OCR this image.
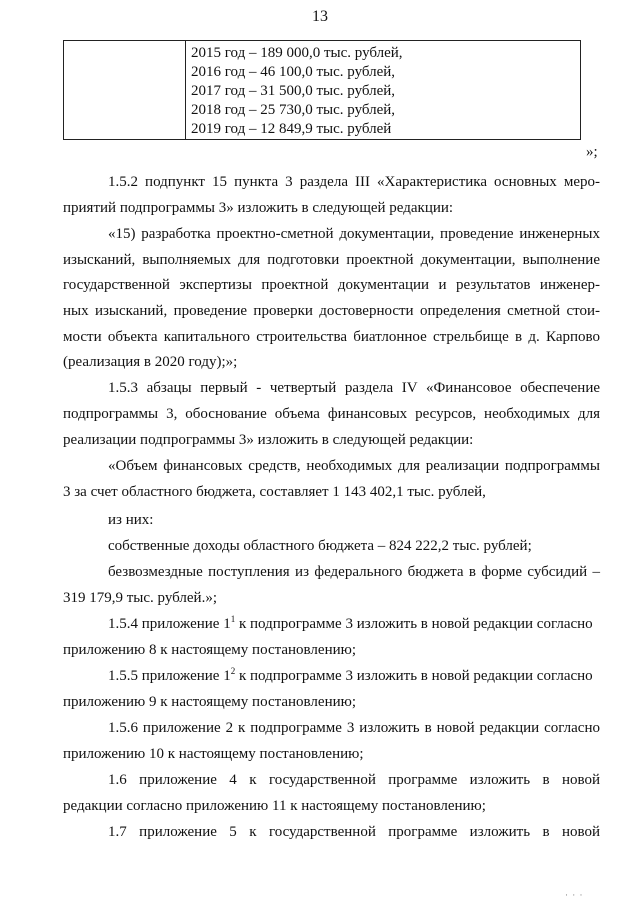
13
2015 год – 189 000,0 тыс. рублей,
2016 год – 46 100,0 тыс. рублей,
2017 год – 31 500,0 тыс. рублей,
2018 год – 25 730,0 тыс. рублей,
2019 год – 12 849,9 тыс. рублей
»;
1.5.2 подпункт 15 пункта 3 раздела III «Характеристика основных меро-
приятий подпрограммы 3» изложить в следующей редакции:
«15) разработка проектно-сметной документации, проведение инженерных
изысканий, выполняемых для подготовки проектной документации, выполнение
государственной экспертизы проектной документации и результатов инженер-
ных изысканий, проведение проверки достоверности определения сметной стои-
мости объекта капитального строительства биатлонное стрельбище в д. Карпово
(реализация в 2020 году);»;
1.5.3 абзацы первый - четвертый раздела IV «Финансовое обеспечение
подпрограммы 3, обоснование объема финансовых ресурсов, необходимых для
реализации подпрограммы 3» изложить в следующей редакции:
«Объем финансовых средств, необходимых для реализации подпрограммы
3 за счет областного бюджета, составляет 1 143 402,1 тыс. рублей,
из них:
собственные доходы областного бюджета – 824 222,2 тыс. рублей;
безвозмездные поступления из федерального бюджета в форме субсидий –
319 179,9 тыс. рублей.»;
1.5.4 приложение $1^1$ к подпрограмме 3 изложить в новой редакции согласно
приложению 8 к настоящему постановлению;
1.5.5 приложение $1^2$ к подпрограмме 3 изложить в новой редакции согласно
приложению 9 к настоящему постановлению;
1.5.6 приложение 2 к подпрограмме 3 изложить в новой редакции согласно
приложению 10 к настоящему постановлению;
1.6 приложение 4 к государственной программе изложить в новой
редакции согласно приложению 11 к настоящему постановлению;
1.7 приложение 5 к государственной программе изложить в новой
· · ·
